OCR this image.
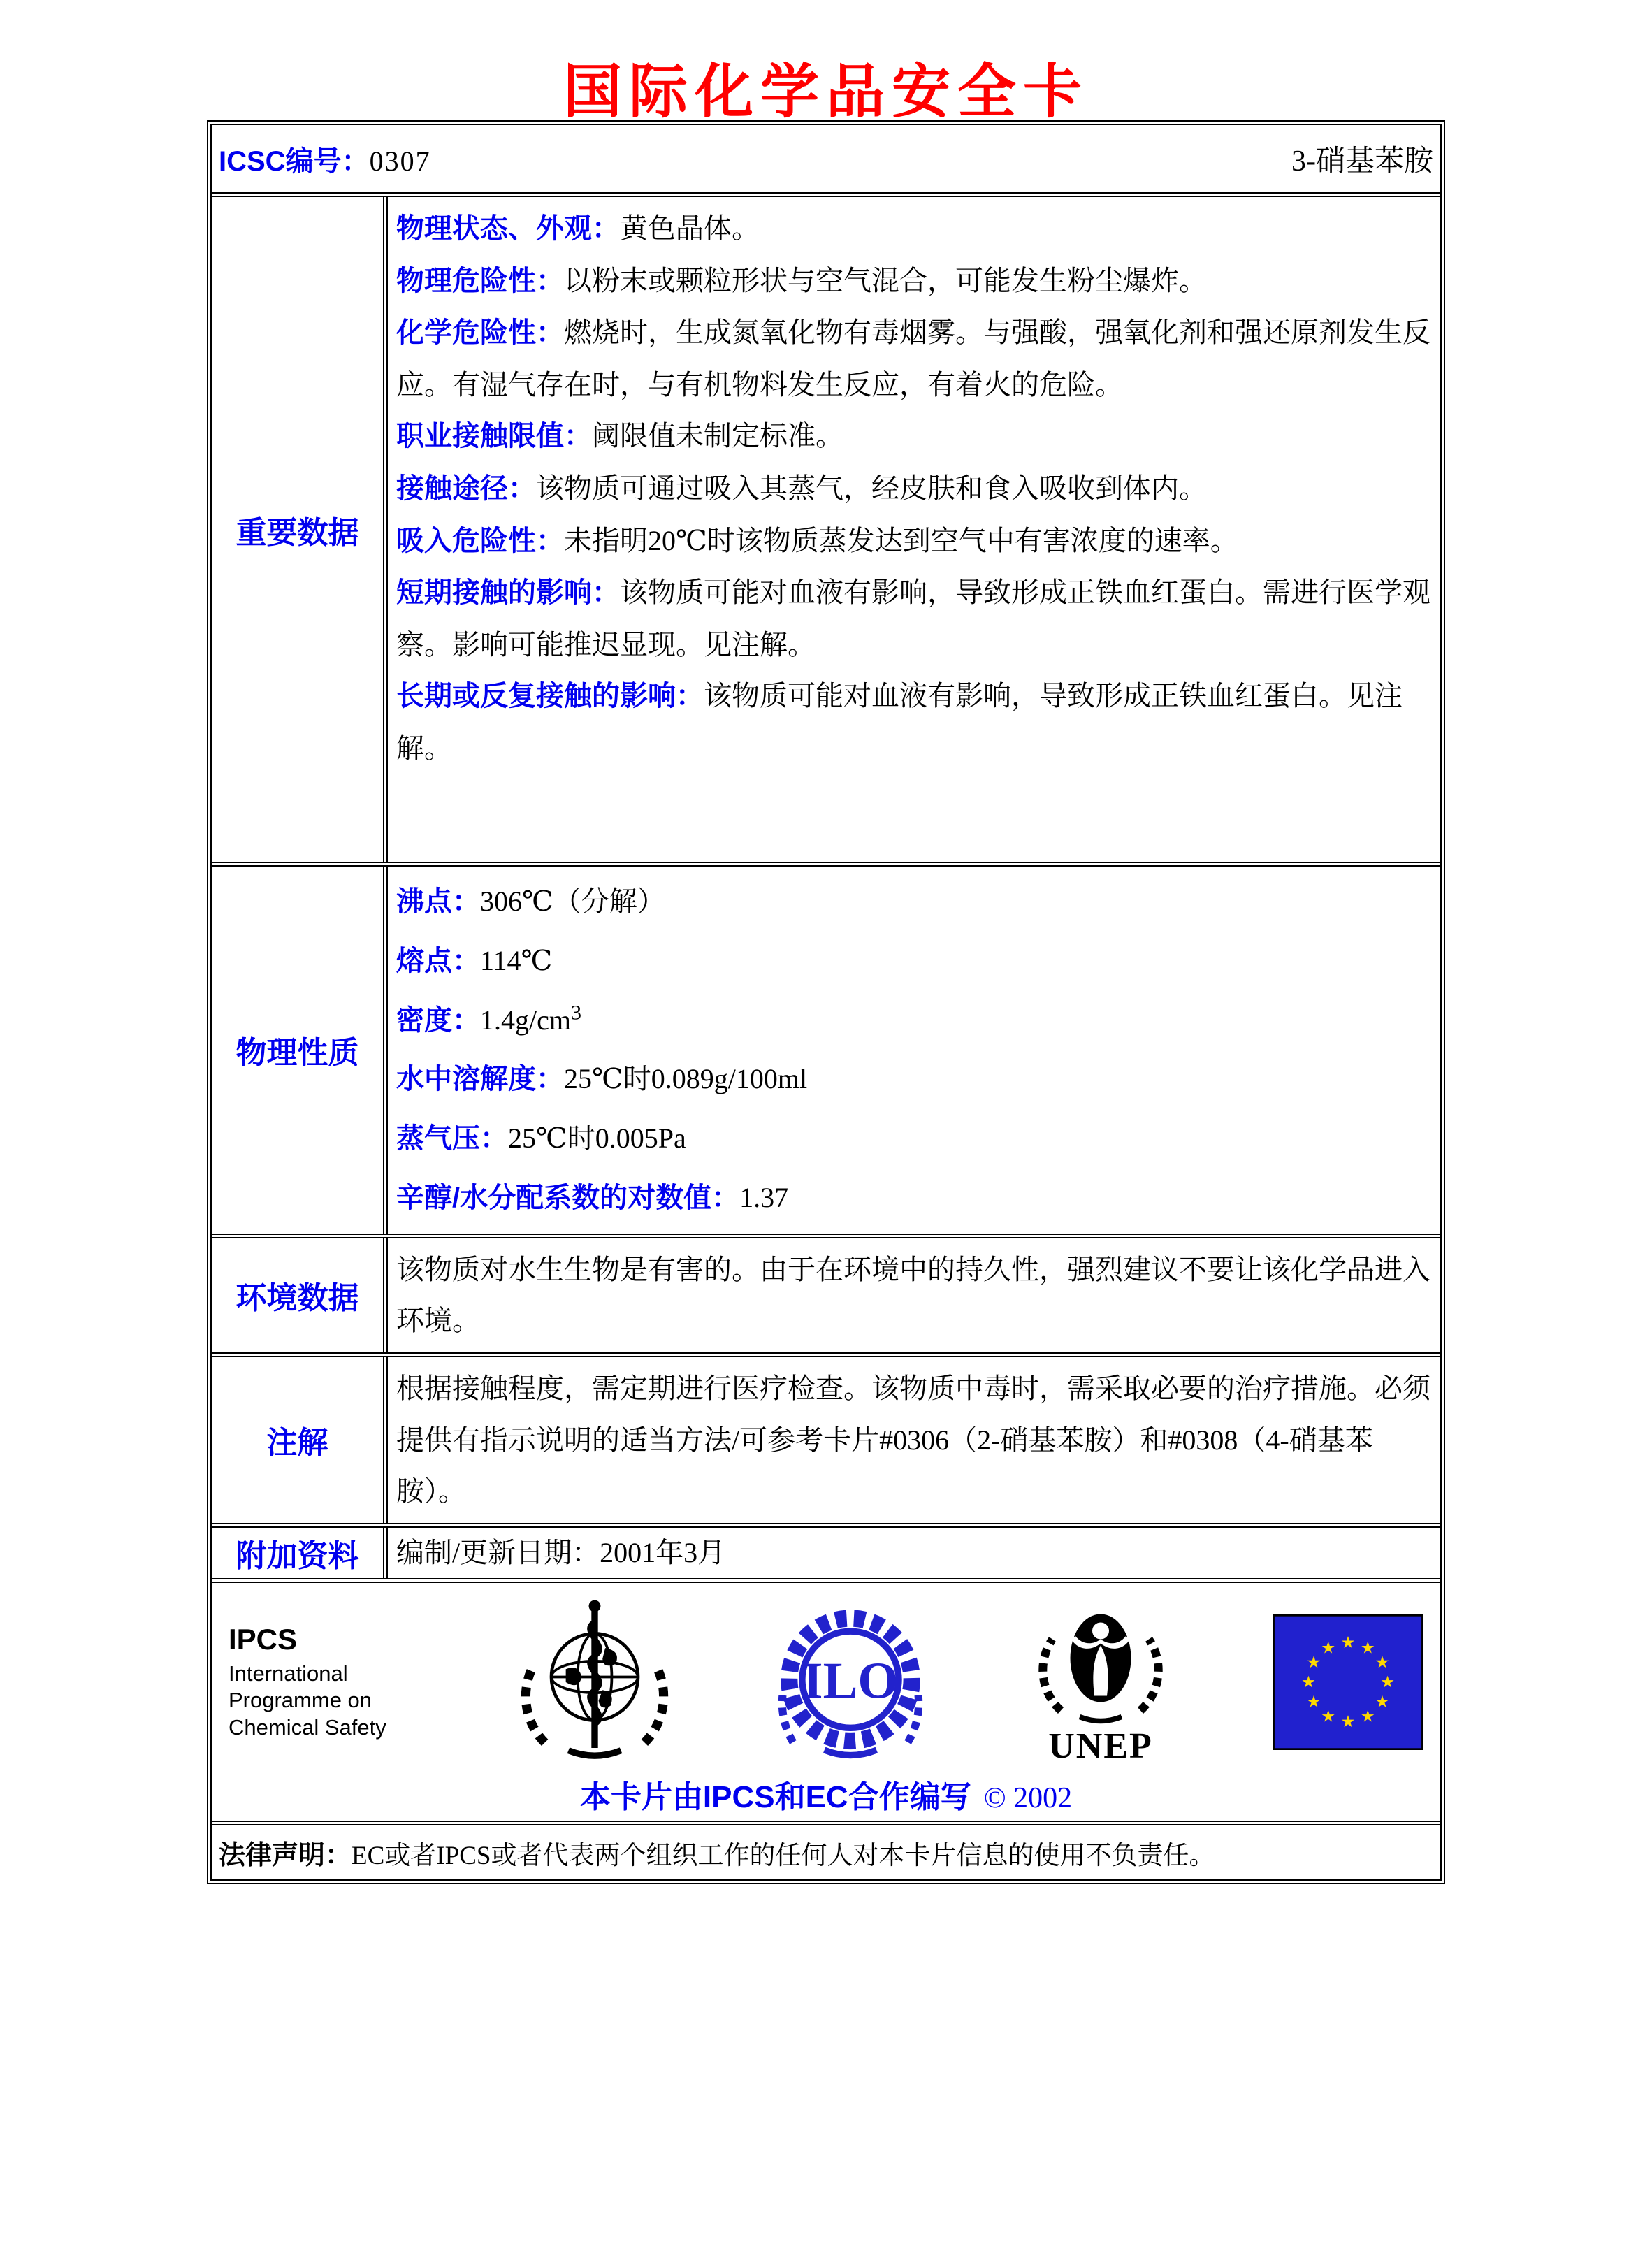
国际化学品安全卡
ICSC编号：0307	3-硝基苯胺
重要数据

物理状态、外观：黄色晶体。

物理危险性：以粉末或颗粒形状与空气混合，可能发生粉尘爆炸。

化学危险性：燃烧时，生成氮氧化物有毒烟雾。与强酸，强氧化剂和强还原剂发生反应。有湿气存在时，与有机物料发生反应，有着火的危险。

职业接触限值：阈限值未制定标准。

接触途径：该物质可通过吸入其蒸气，经皮肤和食入吸收到体内。

吸入危险性：未指明20℃时该物质蒸发达到空气中有害浓度的速率。

短期接触的影响：该物质可能对血液有影响，导致形成正铁血红蛋白。需进行医学观察。影响可能推迟显现。见注解。

长期或反复接触的影响：该物质可能对血液有影响，导致形成正铁血红蛋白。见注解。

物理性质

沸点：306℃（分解）

熔点：114℃

密度：$1.4g/cm^3$

水中溶解度：25℃时0.089g/100ml

蒸气压：25℃时0.005Pa

辛醇/水分配系数的对数值：1.37

环境数据

该物质对水生生物是有害的。由于在环境中的持久性，强烈建议不要让该化学品进入环境。

注解

根据接触程度，需定期进行医疗检查。该物质中毒时，需采取必要的治疗措施。必须提供有指示说明的适当方法/可参考卡片#0306（2-硝基苯胺）和#0308（4-硝基苯胺）。

附加资料	编制/更新日期：2001年3月

IPCS
International
Programme on
Chemical Safety
ILO
UNEP
本卡片由IPCS和EC合作编写 © 2002
法律声明：EC或者IPCS或者代表两个组织工作的任何人对本卡片信息的使用不负责任。
